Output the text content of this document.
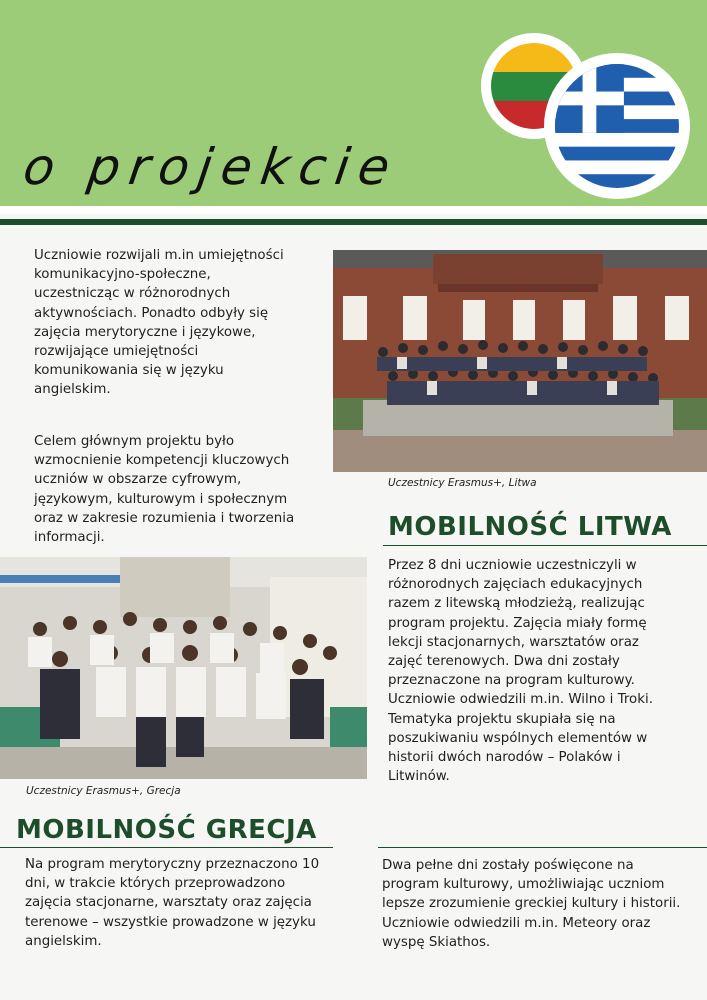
o projekcie

Uczniowie rozwijali m.in umiejętności komunikacyjno-społeczne, uczestnicząc w różnorodnych aktywnościach. Ponadto odbyły się zajęcia merytoryczne i językowe, rozwijające umiejętności komunikowania się w języku angielskim.

Celem głównym projektu było wzmocnienie kompetencji kluczowych uczniów w obszarze cyfrowym, językowym, kulturowym i społecznym oraz w zakresie rozumienia i tworzenia informacji.

Uczestnicy Erasmus+, Litwa
MOBILNOŚĆ LITWA

Przez 8 dni uczniowie uczestniczyli w różnorodnych zajęciach edukacyjnych razem z litewską młodzieżą, realizując program projektu. Zajęcia miały formę lekcji stacjonarnych, warsztatów oraz zajęć terenowych. Dwa dni zostały przeznaczone na program kulturowy. Uczniowie odwiedzili m.in. Wilno i Troki. Tematyka projektu skupiała się na poszukiwaniu wspólnych elementów w historii dwóch narodów – Polaków i Litwinów.

Uczestnicy Erasmus+, Grecja
MOBILNOŚĆ GRECJA

Na program merytoryczny przeznaczono 10 dni, w trakcie których przeprowadzono zajęcia stacjonarne, warsztaty oraz zajęcia terenowe – wszystkie prowadzone w języku angielskim.

Dwa pełne dni zostały poświęcone na program kulturowy, umożliwiając uczniom lepsze zrozumienie greckiej kultury i historii. Uczniowie odwiedzili m.in. Meteory oraz wyspę Skiathos.
